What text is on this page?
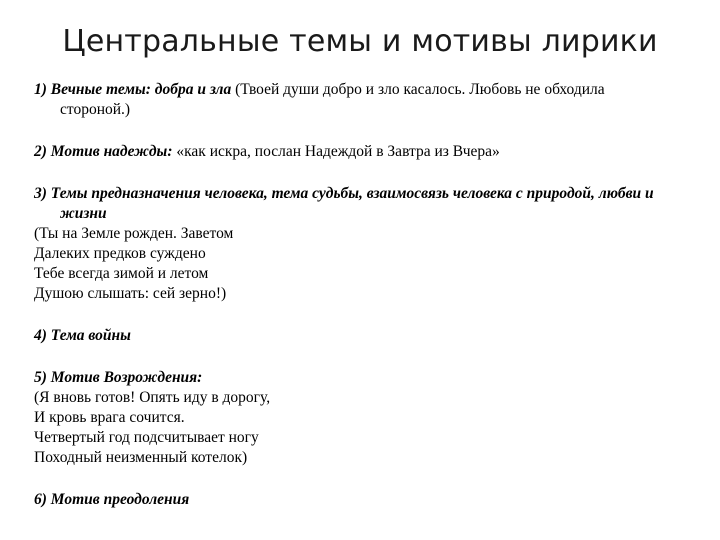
Центральные темы и мотивы лирики

1) Вечные темы: добра и зла (Твоей души добро и зло касалось. Любовь не обходила стороной.)

2) Мотив надежды: «как искра, послан Надеждой в Завтра из Вчера»

3) Темы предназначения человека, тема судьбы, взаимосвязь человека с природой, любви и жизни

(Ты на Земле рожден. Заветом
Далеких предков суждено
Тебе всегда зимой и летом
Душою слышать: сей зерно!)

4) Тема войны

5) Мотив Возрождения:

(Я вновь готов! Опять иду в дорогу,
И кровь врага сочится.
Четвертый год подсчитывает ногу
Походный неизменный котелок)

6) Мотив преодоления
